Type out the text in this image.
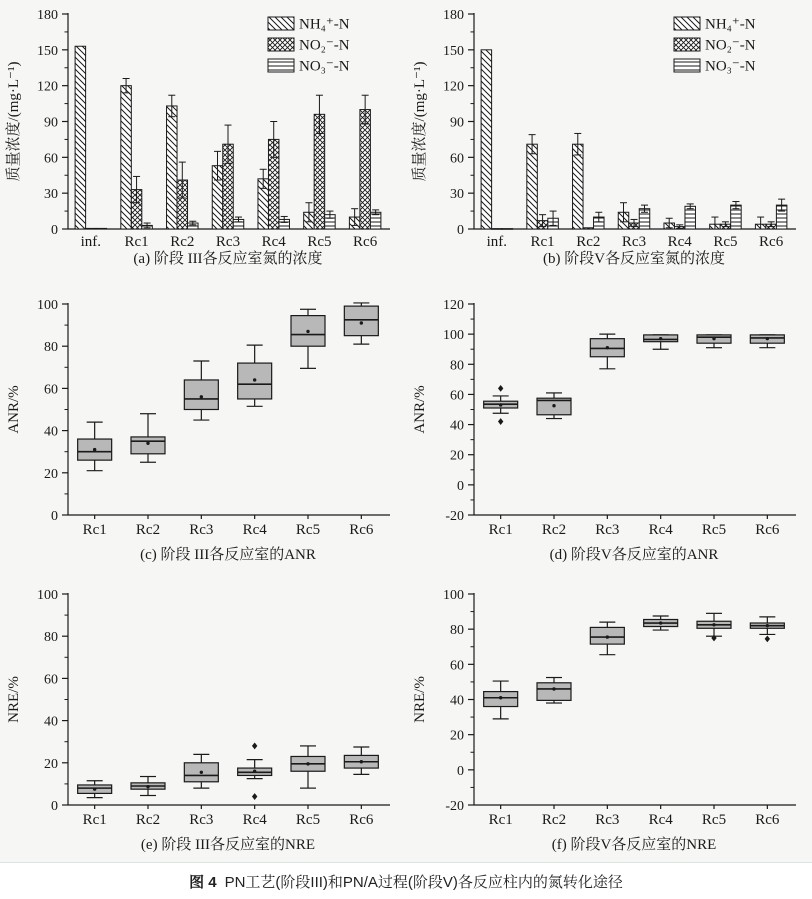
0
30
60
90
120
150
180
质量浓度/(mg·L⁻¹)
inf. Rc1 Rc2 Rc3 Rc4 Rc5 Rc6
NH₄⁺-N
NO₂⁻-N
NO₃⁻-N
(a) 阶段 III各反应室氮的浓度
0
30
60
90
120
150
180
质量浓度/(mg·L⁻¹)
inf. Rc1 Rc2 Rc3 Rc4 Rc5 Rc6
NH₄⁺-N
NO₂⁻-N
NO₃⁻-N
(b) 阶段V各反应室氮的浓度
0
20
40
60
80
100
ANR/%
Rc1 Rc2 Rc3 Rc4 Rc5 Rc6
(c) 阶段 III各反应室的ANR
-20
0
20
40
60
80
100
120
ANR/%
Rc1 Rc2 Rc3 Rc4 Rc5 Rc6
(d) 阶段V各反应室的ANR
0
20
40
60
80
100
NRE/%
Rc1 Rc2 Rc3 Rc4 Rc5 Rc6
(e) 阶段 III各反应室的NRE
-20
0
20
40
60
80
100
NRE/%
Rc1 Rc2 Rc3 Rc4 Rc5 Rc6
(f) 阶段V各反应室的NRE
图 4 PN工艺(阶段III)和PN/A过程(阶段V)各反应柱内的氮转化途径
